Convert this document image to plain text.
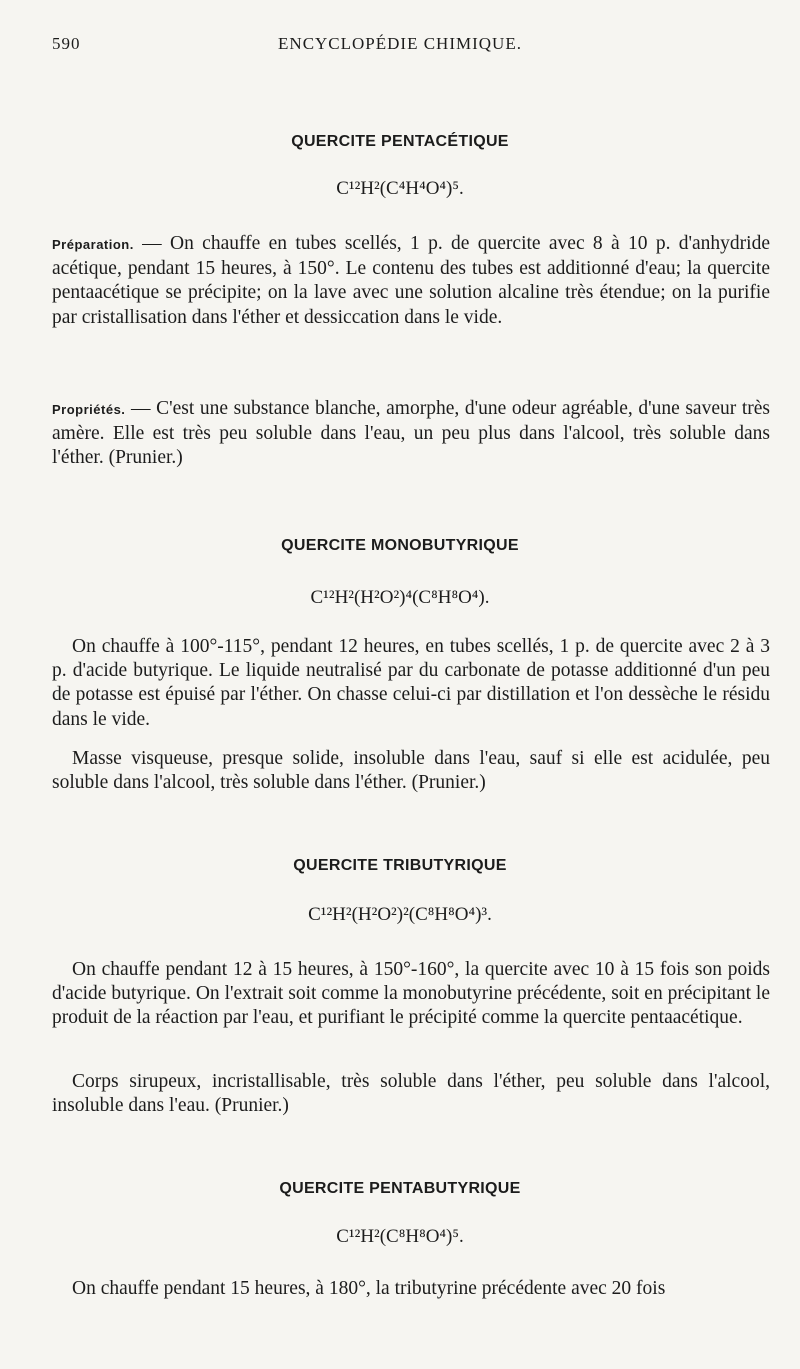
590	ENCYCLOPÉDIE CHIMIQUE.
QUERCITE PENTACÉTIQUE
C¹²H²(C⁴H⁴O⁴)⁵.

Préparation. — On chauffe en tubes scellés, 1 p. de quercite avec 8 à 10 p. d'anhydride acétique, pendant 15 heures, à 150°. Le contenu des tubes est additionné d'eau; la quercite pentaacétique se précipite; on la lave avec une solution alcaline très étendue; on la purifie par cristallisation dans l'éther et dessiccation dans le vide.

Propriétés. — C'est une substance blanche, amorphe, d'une odeur agréable, d'une saveur très amère. Elle est très peu soluble dans l'eau, un peu plus dans l'alcool, très soluble dans l'éther. (Prunier.)

QUERCITE MONOBUTYRIQUE
C¹²H²(H²O²)⁴(C⁸H⁸O⁴).

On chauffe à 100°-115°, pendant 12 heures, en tubes scellés, 1 p. de quercite avec 2 à 3 p. d'acide butyrique. Le liquide neutralisé par du carbonate de potasse additionné d'un peu de potasse est épuisé par l'éther. On chasse celui-ci par distillation et l'on dessèche le résidu dans le vide.

Masse visqueuse, presque solide, insoluble dans l'eau, sauf si elle est acidulée, peu soluble dans l'alcool, très soluble dans l'éther. (Prunier.)

QUERCITE TRIBUTYRIQUE
C¹²H²(H²O²)²(C⁸H⁸O⁴)³.

On chauffe pendant 12 à 15 heures, à 150°-160°, la quercite avec 10 à 15 fois son poids d'acide butyrique. On l'extrait soit comme la monobutyrine précédente, soit en précipitant le produit de la réaction par l'eau, et purifiant le précipité comme la quercite pentaacétique.

Corps sirupeux, incristallisable, très soluble dans l'éther, peu soluble dans l'alcool, insoluble dans l'eau. (Prunier.)

QUERCITE PENTABUTYRIQUE
C¹²H²(C⁸H⁸O⁴)⁵.

On chauffe pendant 15 heures, à 180°, la tributyrine précédente avec 20 fois
